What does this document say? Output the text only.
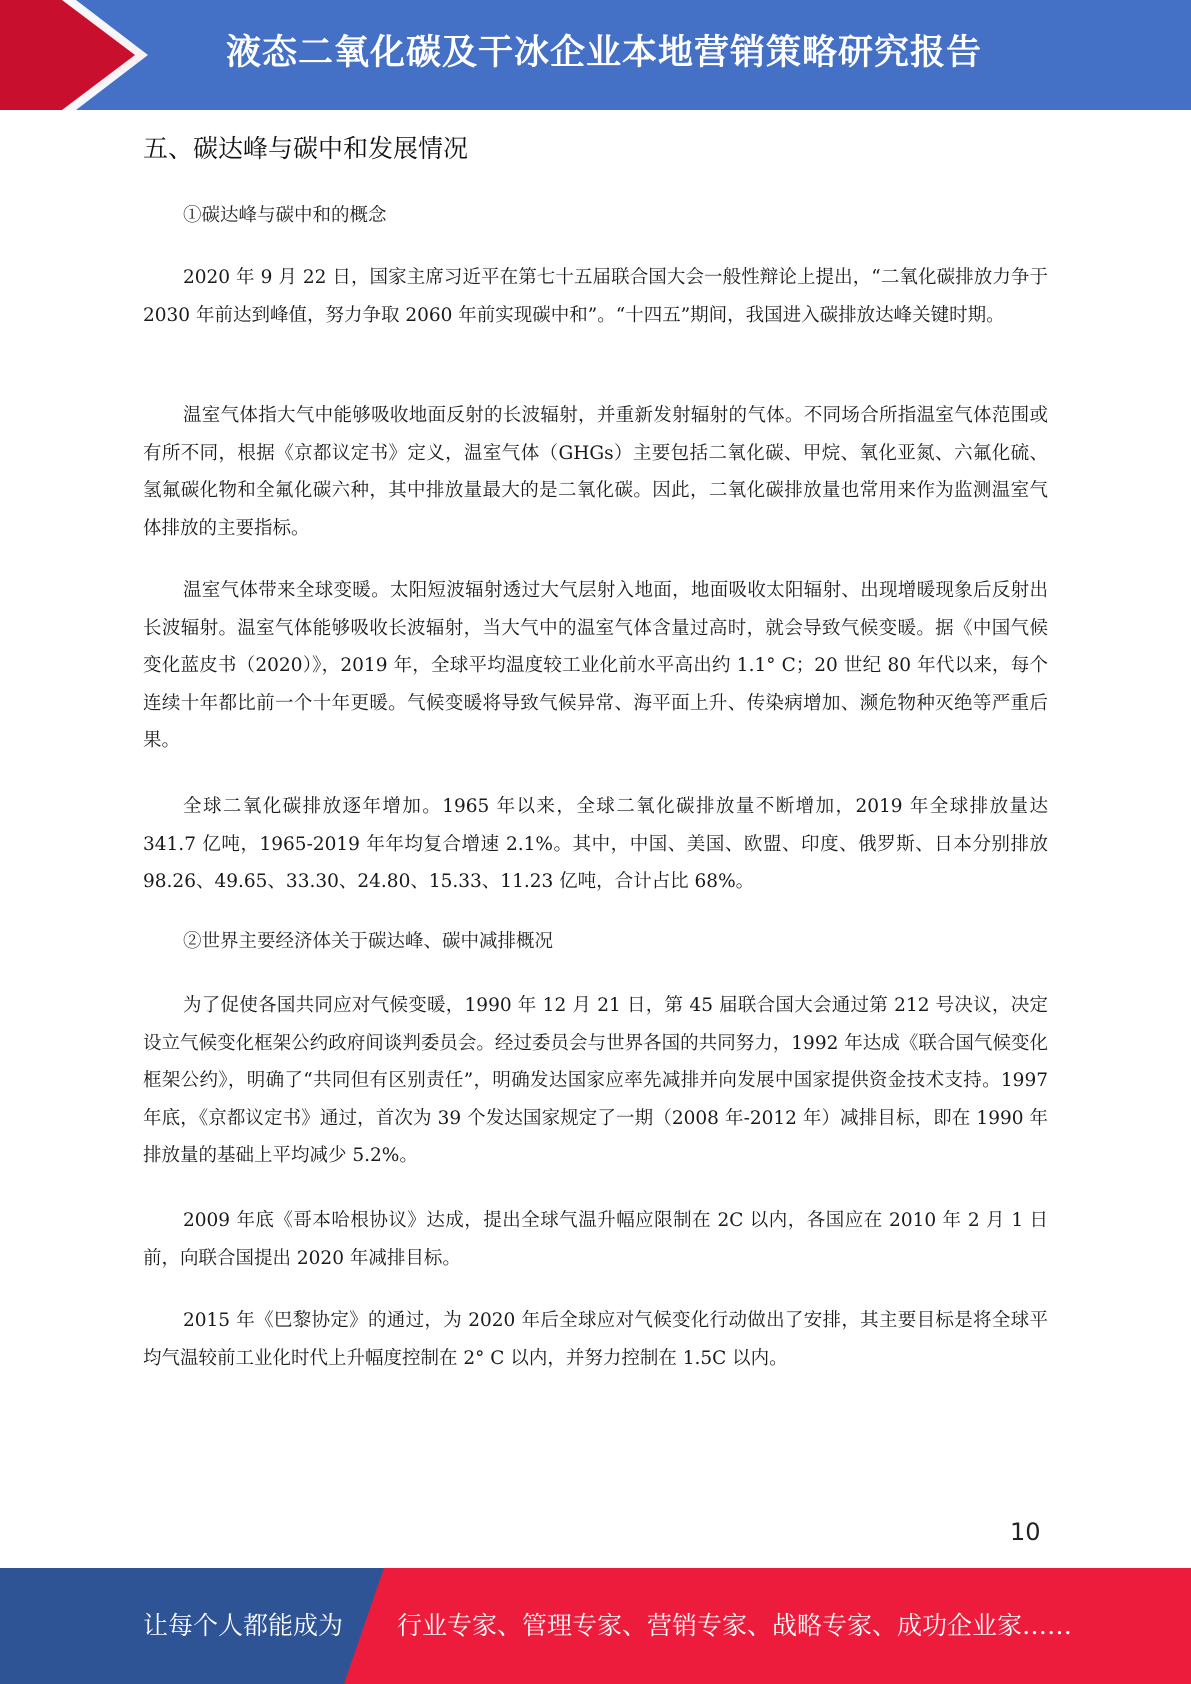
液态二氧化碳及干冰企业本地营销策略研究报告
五、碳达峰与碳中和发展情况
①碳达峰与碳中和的概念

2020 年 9 月 22 日，国家主席习近平在第七十五届联合国大会一般性辩论上提出，“二氧化碳排放力争于 2030 年前达到峰值，努力争取 2060 年前实现碳中和”。“十四五”期间，我国进入碳排放达峰关键时期。

温室气体指大气中能够吸收地面反射的长波辐射，并重新发射辐射的气体。不同场合所指温室气体范围或有所不同，根据《京都议定书》定义，温室气体（GHGs）主要包括二氧化碳、甲烷、氧化亚氮、六氟化硫、氢氟碳化物和全氟化碳六种，其中排放量最大的是二氧化碳。因此，二氧化碳排放量也常用来作为监测温室气体排放的主要指标。

温室气体带来全球变暖。太阳短波辐射透过大气层射入地面，地面吸收太阳辐射、出现增暖现象后反射出长波辐射。温室气体能够吸收长波辐射，当大气中的温室气体含量过高时，就会导致气候变暖。据《中国气候变化蓝皮书（2020）》，2019 年，全球平均温度较工业化前水平高出约 1.1° C；20 世纪 80 年代以来，每个连续十年都比前一个十年更暖。气候变暖将导致气候异常、海平面上升、传染病增加、濒危物种灭绝等严重后果。

全球二氧化碳排放逐年增加。1965 年以来，全球二氧化碳排放量不断增加，2019 年全球排放量达 341.7 亿吨，1965-2019 年年均复合增速 2.1%。其中，中国、美国、欧盟、印度、俄罗斯、日本分别排放 98.26、49.65、33.30、24.80、15.33、11.23 亿吨，合计占比 68%。

②世界主要经济体关于碳达峰、碳中减排概况

为了促使各国共同应对气候变暖，1990 年 12 月 21 日，第 45 届联合国大会通过第 212 号决议，决定设立气候变化框架公约政府间谈判委员会。经过委员会与世界各国的共同努力，1992 年达成《联合国气候变化框架公约》，明确了“共同但有区别责任”，明确发达国家应率先减排并向发展中国家提供资金技术支持。1997 年底，《京都议定书》通过，首次为 39 个发达国家规定了一期（2008 年-2012 年）减排目标，即在 1990 年排放量的基础上平均减少 5.2%。

2009 年底《哥本哈根协议》达成，提出全球气温升幅应限制在 2C 以内，各国应在 2010 年 2 月 1 日前，向联合国提出 2020 年减排目标。

2015 年《巴黎协定》的通过，为 2020 年后全球应对气候变化行动做出了安排，其主要目标是将全球平均气温较前工业化时代上升幅度控制在 2° C 以内，并努力控制在 1.5C 以内。

10
让每个人都能成为 行业专家、管理专家、营销专家、战略专家、成功企业家……
